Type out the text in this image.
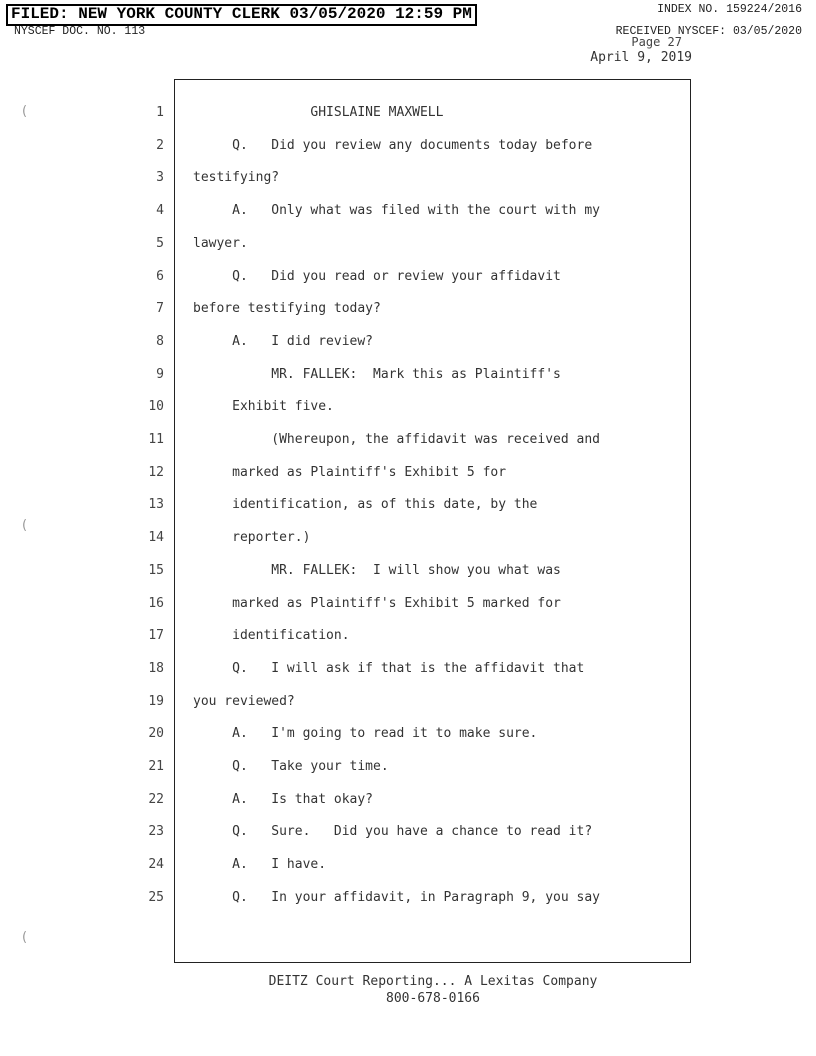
FILED: NEW YORK COUNTY CLERK 03/05/2020 12:59 PM	INDEX NO. 159224/2016
NYSCEF DOC. NO. 113	RECEIVED NYSCEF: 03/05/2020
Page 27
April 9, 2019
(
(
(
1 GHISLAINE MAXWELL
2 Q.   Did you review any documents today before
3 testifying?
4 A.   Only what was filed with the court with my
5 lawyer.
6 Q.   Did you read or review your affidavit
7 before testifying today?
8 A.   I did review?
9 MR. FALLEK:  Mark this as Plaintiff's
10 Exhibit five.
11 (Whereupon, the affidavit was received and
12 marked as Plaintiff's Exhibit 5 for
13 identification, as of this date, by the
14 reporter.)
15 MR. FALLEK:  I will show you what was
16 marked as Plaintiff's Exhibit 5 marked for
17 identification.
18 Q.   I will ask if that is the affidavit that
19 you reviewed?
20 A.   I'm going to read it to make sure.
21 Q.   Take your time.
22 A.   Is that okay?
23 Q.   Sure.   Did you have a chance to read it?
24 A.   I have.
25 Q.   In your affidavit, in Paragraph 9, you say
DEITZ Court Reporting... A Lexitas Company
800-678-0166
